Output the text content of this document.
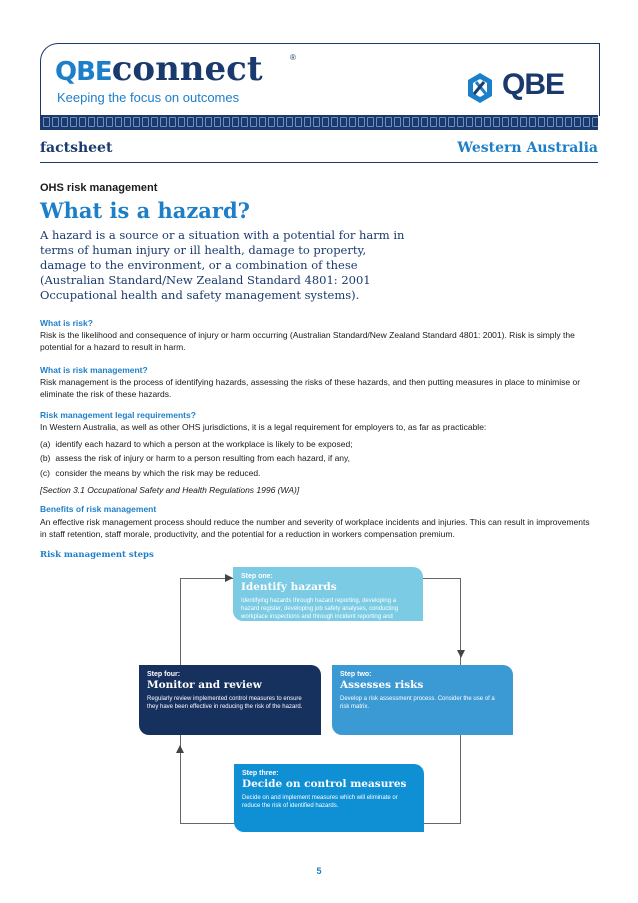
QBEconnect	®
Keeping the focus on outcomes	QBE
factsheet	Western Australia
OHS risk management
What is a hazard?
A hazard is a source or a situation with a potential for harm in terms of human injury or ill health, damage to property, damage to the environment, or a combination of these (Australian Standard/New Zealand Standard 4801: 2001 Occupational health and safety management systems).
What is risk?
Risk is the likelihood and consequence of injury or harm occurring (Australian Standard/New Zealand Standard 4801: 2001). Risk is simply the potential for a hazard to result in harm.
What is risk management?
Risk management is the process of identifying hazards, assessing the risks of these hazards, and then putting measures in place to minimise or eliminate the risk of these hazards.
Risk management legal requirements?
In Western Australia, as well as other OHS jurisdictions, it is a legal requirement for employers to, as far as practicable:
(a) identify each hazard to which a person at the workplace is likely to be exposed;
(b) assess the risk of injury or harm to a person resulting from each hazard, if any,
(c) consider the means by which the risk may be reduced.
[Section 3.1 Occupational Safety and Health Regulations 1996 (WA)]
Benefits of risk management
An effective risk management process should reduce the number and severity of workplace incidents and injuries. This can result in improvements in staff retention, staff morale, productivity, and the potential for a reduction in workers compensation premium.
Risk management steps
Step one:
Identify hazards
Identifying hazards through hazard reporting, developing a hazard register, developing job safety analyses, conducting workplace inspections and through incident reporting and investigation.
Step two:
Assesses risks
Develop a risk assessment process. Consider the use of a risk matrix.
Step three:
Decide on control measures
Decide on and implement measures which will eliminate or reduce the risk of identified hazards.
Step four:
Monitor and review
Regularly review implemented control measures to ensure they have been effective in reducing the risk of the hazard.
5
